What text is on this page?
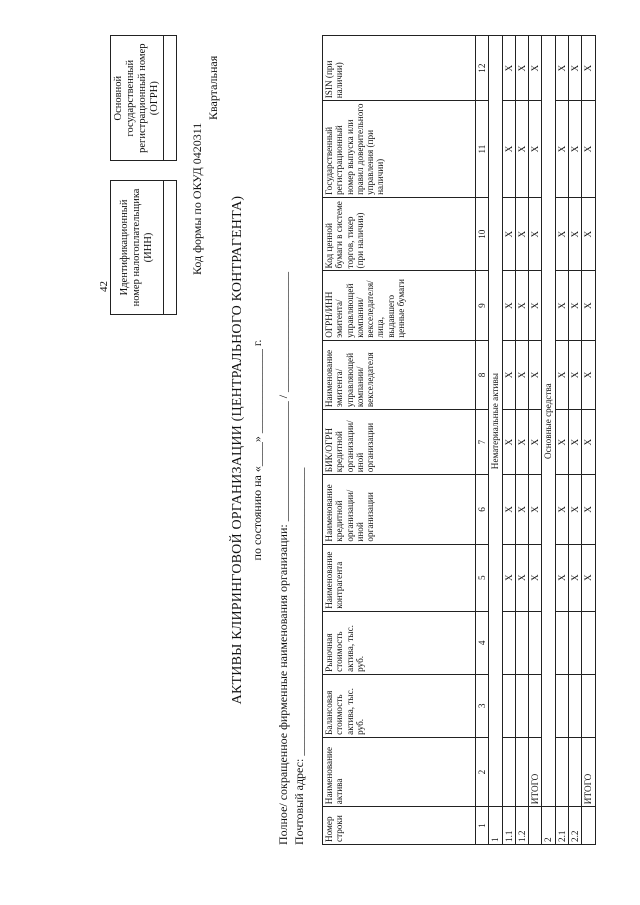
42 Идентификационный номер налогоплательщика (ИНН)		Основной государственный регистрационный номер (ОГРН)

Код формы по ОКУД 0420311
Квартальная
АКТИВЫ КЛИРИНГОВОЙ ОРГАНИЗАЦИИ (ЦЕНТРАЛЬНОГО КОНТРАГЕНТА) по состоянию на «____» ______________ г. Полное/ сокращенное фирменные наименования организации: ____________________ / ____________________ Почтовый адрес: ________________________________________________ Номер строки	Наименование актива	Балансовая стоимость актива, тыс. руб.	Рыночная стоимость актива, тыс. руб.	Наименование контрагента	Наименование кредитной организации/ иной организации	БИК/ОГРН кредитной организации/ иной организации	Наименование эмитента/ управляющей компании/ векселедателя	ОГРН/ИНН эмитента/ управляющей компании/ векселедателя/ лица, выдавшего ценные бумаги	Код ценной бумаги в системе торгов, тикер (при наличии)	Государственный регистрационный номер выпуска или правил доверительного управления (при наличии)	ISIN (при наличии)
1	2	3	4	5	6	7	8	9	10	11	12
1	Нематериальные активы										
1.1				Х	Х	Х	Х	Х	Х	Х	Х
1.2				Х	Х	Х	Х	Х	Х	Х	Х
	ИТОГО			Х	Х	Х	Х	Х	Х	Х	Х
2	Основные средства										
2.1				Х	Х	Х	Х	Х	Х	Х	Х
2.2				Х	Х	Х	Х	Х	Х	Х	Х
	ИТОГО			Х	Х	Х	Х	Х	Х	Х	Х
